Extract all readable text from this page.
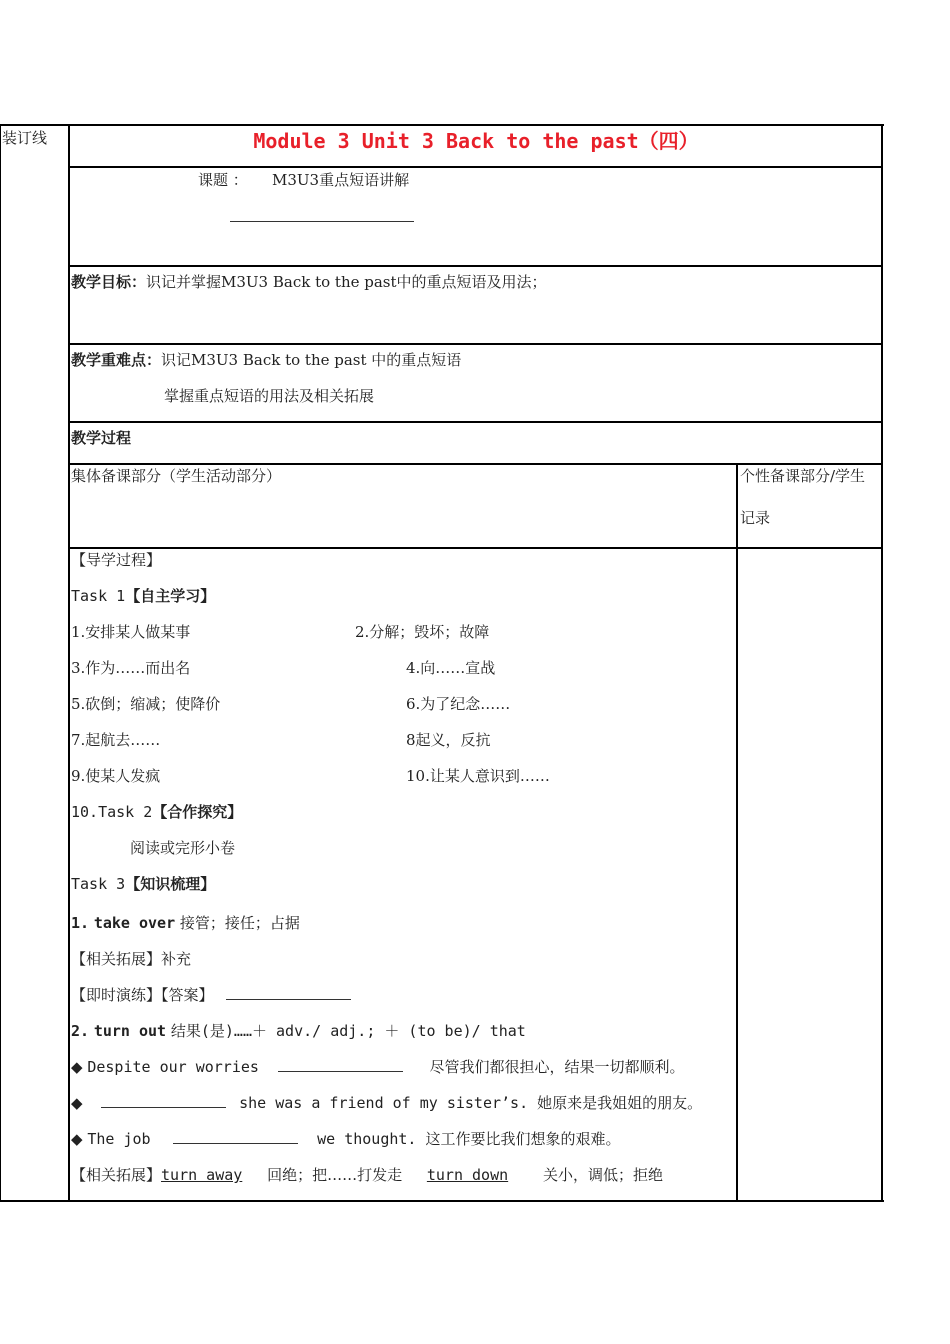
装订线	Module 3 Unit 3 Back to the past（四）
课题 ： M3U3重点短语讲解
教学目标：识记并掌握M3U3 Back to the past中的重点短语及用法；
教学重难点：识记M3U3 Back to the past 中的重点短语
掌握重点短语的用法及相关拓展
教学过程
集体备课部分（学生活动部分）	个性备课部分/学生
记录
【导学过程】
Task 1【自主学习】
1.安排某人做某事	2.分解；毁坏；故障
3.作为……而出名	4.向……宣战
5.砍倒；缩减；使降价	6.为了纪念……
7.起航去……	8起义，反抗
9.使某人发疯	10.让某人意识到……
10.Task 2【合作探究】
阅读或完形小卷
Task 3【知识梳理】
1. take over 接管；接任；占据
【相关拓展】补充
【即时演练】【答案】
2. turn out 结果(是)……＋ adv./ adj.; ＋ (to be)/ that
◆ Despite our worries	尽管我们都很担心，结果一切都顺利。
◆	she was a friend of my sister’s. 她原来是我姐姐的朋友。
◆ The job	we thought. 这工作要比我们想象的艰难。
【相关拓展】turn away 回绝；把……打发走 turn down 关小，调低；拒绝
